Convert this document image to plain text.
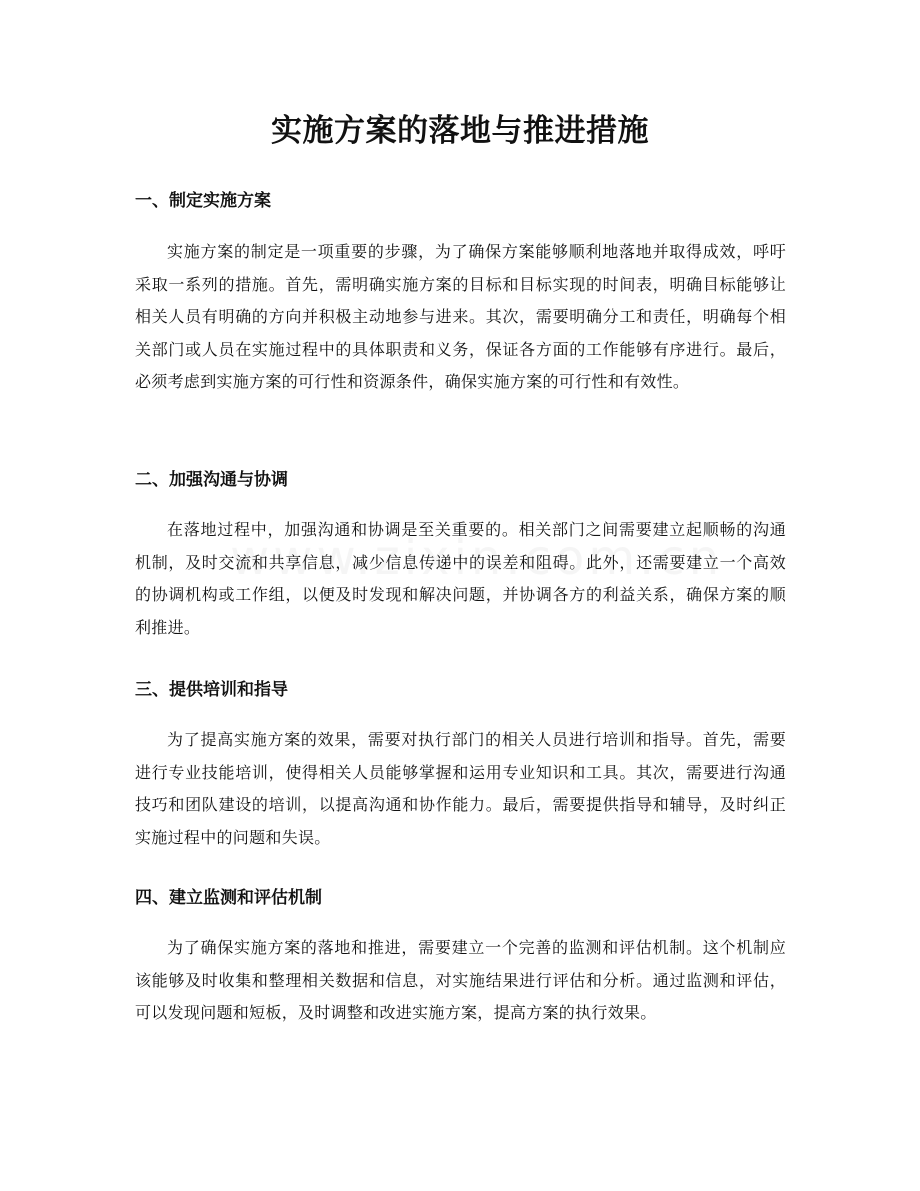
实施方案的落地与推进措施
一、制定实施方案

实施方案的制定是一项重要的步骤，为了确保方案能够顺利地落地并取得成效，呼吁采取一系列的措施。首先，需明确实施方案的目标和目标实现的时间表，明确目标能够让相关人员有明确的方向并积极主动地参与进来。其次，需要明确分工和责任，明确每个相关部门或人员在实施过程中的具体职责和义务，保证各方面的工作能够有序进行。最后，必须考虑到实施方案的可行性和资源条件，确保实施方案的可行性和有效性。

二、加强沟通与协调

在落地过程中，加强沟通和协调是至关重要的。相关部门之间需要建立起顺畅的沟通机制，及时交流和共享信息，减少信息传递中的误差和阻碍。此外，还需要建立一个高效的协调机构或工作组，以便及时发现和解决问题，并协调各方的利益关系，确保方案的顺利推进。

三、提供培训和指导

为了提高实施方案的效果，需要对执行部门的相关人员进行培训和指导。首先，需要进行专业技能培训，使得相关人员能够掌握和运用专业知识和工具。其次，需要进行沟通技巧和团队建设的培训，以提高沟通和协作能力。最后，需要提供指导和辅导，及时纠正实施过程中的问题和失误。

四、建立监测和评估机制

为了确保实施方案的落地和推进，需要建立一个完善的监测和评估机制。这个机制应该能够及时收集和整理相关数据和信息，对实施结果进行评估和分析。通过监测和评估，可以发现问题和短板，及时调整和改进实施方案，提高方案的执行效果。
